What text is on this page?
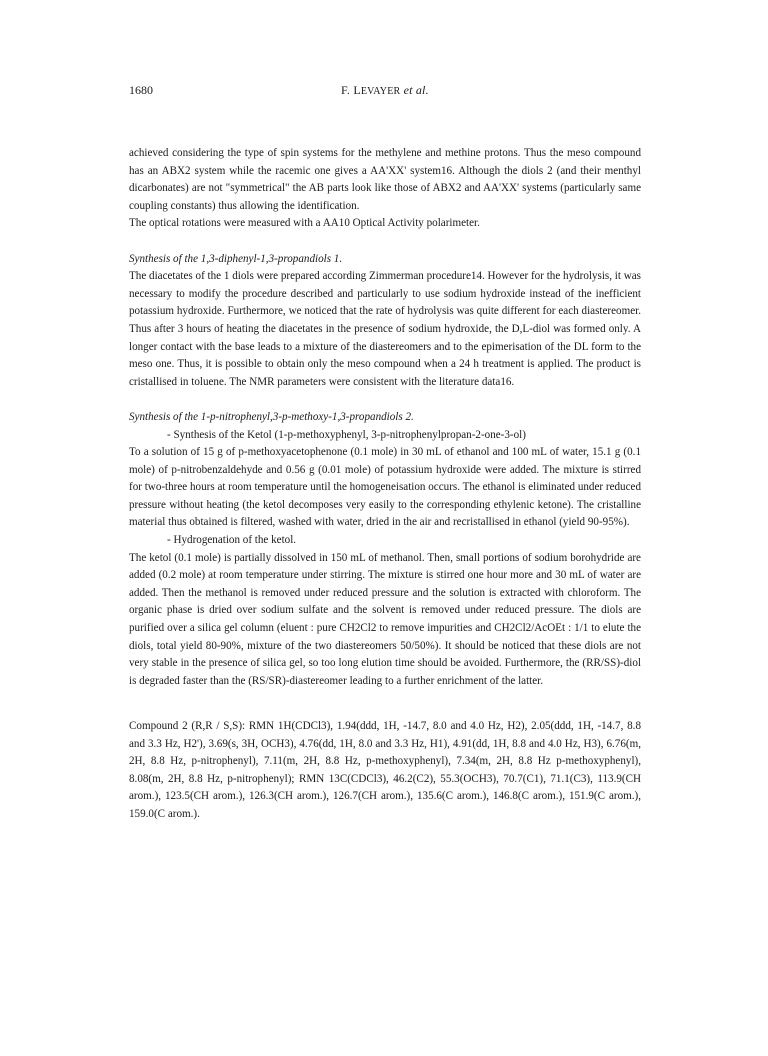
1680	F. LEVAYER et al.

achieved considering the type of spin systems for the methylene and methine protons. Thus the meso compound has an ABX2 system while the racemic one gives a AA'XX' system16. Although the diols 2 (and their menthyl dicarbonates) are not "symmetrical" the AB parts look like those of ABX2 and AA'XX' systems (particularly same coupling constants) thus allowing the identification.

The optical rotations were measured with a AA10 Optical Activity polarimeter.

Synthesis of the 1,3-diphenyl-1,3-propandiols 1.

The diacetates of the 1 diols were prepared according Zimmerman procedure14. However for the hydrolysis, it was necessary to modify the procedure described and particularly to use sodium hydroxide instead of the inefficient potassium hydroxide. Furthermore, we noticed that the rate of hydrolysis was quite different for each diastereomer. Thus after 3 hours of heating the diacetates in the presence of sodium hydroxide, the D,L-diol was formed only. A longer contact with the base leads to a mixture of the diastereomers and to the epimerisation of the DL form to the meso one. Thus, it is possible to obtain only the meso compound when a 24 h treatment is applied. The product is cristallised in toluene. The NMR parameters were consistent with the literature data16.

Synthesis of the 1-p-nitrophenyl,3-p-methoxy-1,3-propandiols 2.

- Synthesis of the Ketol (1-p-methoxyphenyl, 3-p-nitrophenylpropan-2-one-3-ol)

To a solution of 15 g of p-methoxyacetophenone (0.1 mole) in 30 mL of ethanol and 100 mL of water, 15.1 g (0.1 mole) of p-nitrobenzaldehyde and 0.56 g (0.01 mole) of potassium hydroxide were added. The mixture is stirred for two-three hours at room temperature until the homogeneisation occurs. The ethanol is eliminated under reduced pressure without heating (the ketol decomposes very easily to the corresponding ethylenic ketone). The cristalline material thus obtained is filtered, washed with water, dried in the air and recristallised in ethanol (yield 90-95%).

- Hydrogenation of the ketol.

The ketol (0.1 mole) is partially dissolved in 150 mL of methanol. Then, small portions of sodium borohydride are added (0.2 mole) at room temperature under stirring. The mixture is stirred one hour more and 30 mL of water are added. Then the methanol is removed under reduced pressure and the solution is extracted with chloroform. The organic phase is dried over sodium sulfate and the solvent is removed under reduced pressure. The diols are purified over a silica gel column (eluent : pure CH2Cl2 to remove impurities and CH2Cl2/AcOEt : 1/1 to elute the diols, total yield 80-90%, mixture of the two diastereomers 50/50%). It should be noticed that these diols are not very stable in the presence of silica gel, so too long elution time should be avoided. Furthermore, the (RR/SS)-diol is degraded faster than the (RS/SR)-diastereomer leading to a further enrichment of the latter.

Compound 2 (R,R / S,S): RMN 1H(CDCl3), 1.94(ddd, 1H, -14.7, 8.0 and 4.0 Hz, H2), 2.05(ddd, 1H, -14.7, 8.8 and 3.3 Hz, H2'), 3.69(s, 3H, OCH3), 4.76(dd, 1H, 8.0 and 3.3 Hz, H1), 4.91(dd, 1H, 8.8 and 4.0 Hz, H3), 6.76(m, 2H, 8.8 Hz, p-nitrophenyl), 7.11(m, 2H, 8.8 Hz, p-methoxyphenyl), 7.34(m, 2H, 8.8 Hz p-methoxyphenyl), 8.08(m, 2H, 8.8 Hz, p-nitrophenyl); RMN 13C(CDCl3), 46.2(C2), 55.3(OCH3), 70.7(C1), 71.1(C3), 113.9(CH arom.), 123.5(CH arom.), 126.3(CH arom.), 126.7(CH arom.), 135.6(C arom.), 146.8(C arom.), 151.9(C arom.), 159.0(C arom.).
